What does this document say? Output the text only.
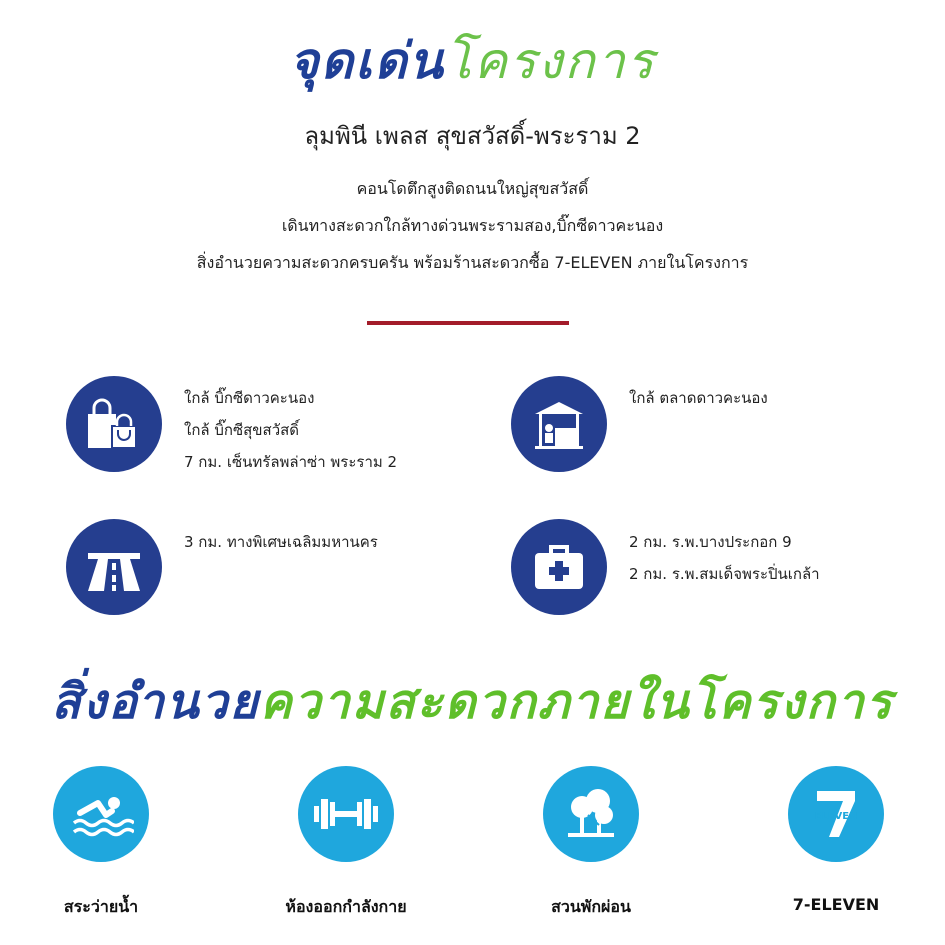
จุดเด่นโครงการ
ลุมพินี เพลส สุขสวัสดิ์-พระราม 2
คอนโดตึกสูงติดถนนใหญ่สุขสวัสดิ์
เดินทางสะดวกใกล้ทางด่วนพระรามสอง,บิ๊กซีดาวคะนอง
สิ่งอำนวยความสะดวกครบครัน พร้อมร้านสะดวกซื้อ 7-ELEVEN ภายในโครงการ
ใกล้ บิ๊กซีดาวคะนอง
ใกล้ บิ๊กซีสุขสวัสดิ์
7 กม. เซ็นทรัลพล่าซ่า พระราม 2
ใกล้ ตลาดดาวคะนอง
3 กม. ทางพิเศษเฉลิมมหานคร	2 กม. ร.พ.บางประกอก 9
2 กม. ร.พ.สมเด็จพระปิ่นเกล้า
สิ่งอำนวยความสะดวกภายในโครงการ
สระว่ายน้ำ	ห้องออกกำลังกาย	สวนพักผ่อน
ELEVEN
7-ELEVEN
